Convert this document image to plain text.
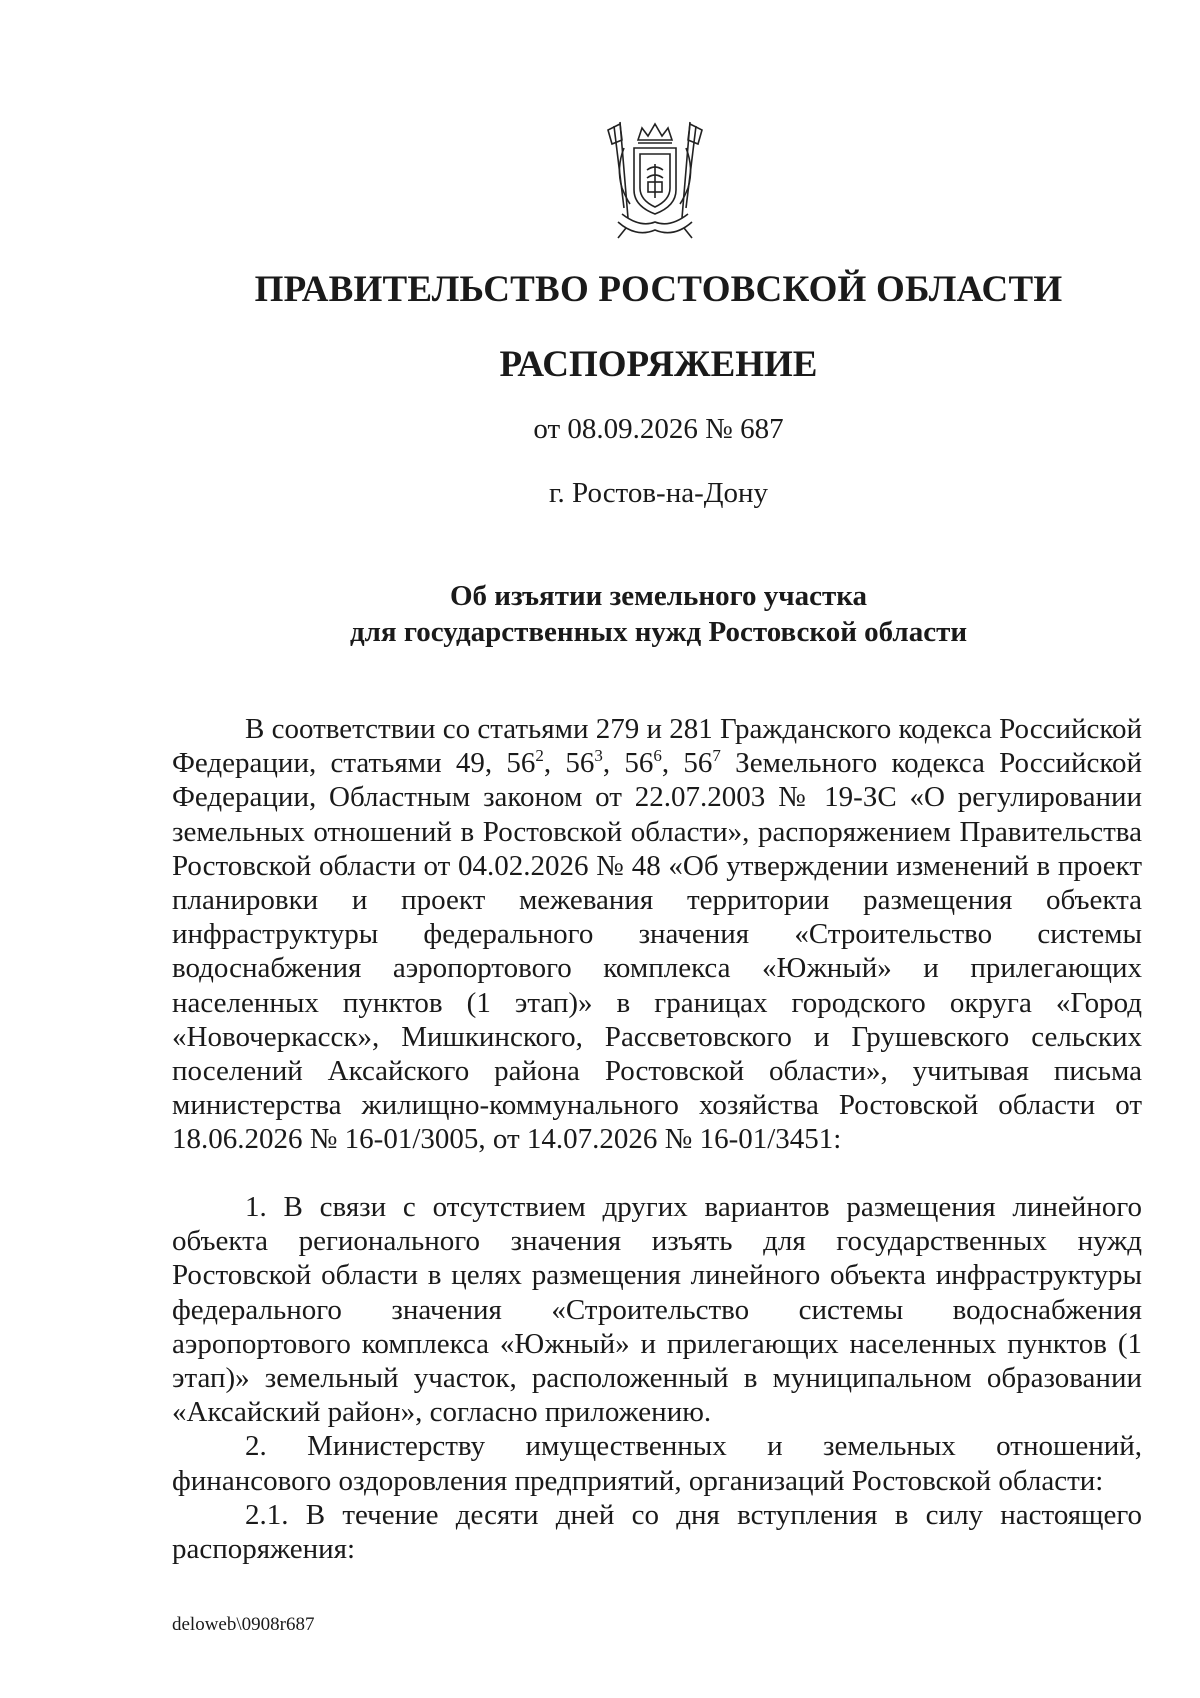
ПРАВИТЕЛЬСТВО РОСТОВСКОЙ ОБЛАСТИ
РАСПОРЯЖЕНИЕ
от 08.09.2026 № 687
г. Ростов-на-Дону
Об изъятии земельного участка
для государственных нужд Ростовской области

В соответствии со статьями 279 и 281 Гражданского кодекса Российской Федерации, статьями 49, $56^2$, $56^3$, $56^6$, $56^7$ Земельного кодекса Российской Федерации, Областным законом от 22.07.2003 № 19-ЗС «О регулировании земельных отношений в Ростовской области», распоряжением Правительства Ростовской области от 04.02.2026 № 48 «Об утверждении изменений в проект планировки и проект межевания территории размещения объекта инфраструктуры федерального значения «Строительство системы водоснабжения аэропортового комплекса «Южный» и прилегающих населенных пунктов (1 этап)» в границах городского округа «Город «Новочеркасск», Мишкинского, Рассветовского и Грушевского сельских поселений Аксайского района Ростовской области», учитывая письма министерства жилищно-коммунального хозяйства Ростовской области от 18.06.2026 № 16-01/3005, от 14.07.2026 № 16-01/3451:

1. В связи с отсутствием других вариантов размещения линейного объекта регионального значения изъять для государственных нужд Ростовской области в целях размещения линейного объекта инфраструктуры федерального значения «Строительство системы водоснабжения аэропортового комплекса «Южный» и прилегающих населенных пунктов (1 этап)» земельный участок, расположенный в муниципальном образовании «Аксайский район», согласно приложению.

2. Министерству имущественных и земельных отношений, финансового оздоровления предприятий, организаций Ростовской области:

2.1. В течение десяти дней со дня вступления в силу настоящего распоряжения:

deloweb\0908r687
